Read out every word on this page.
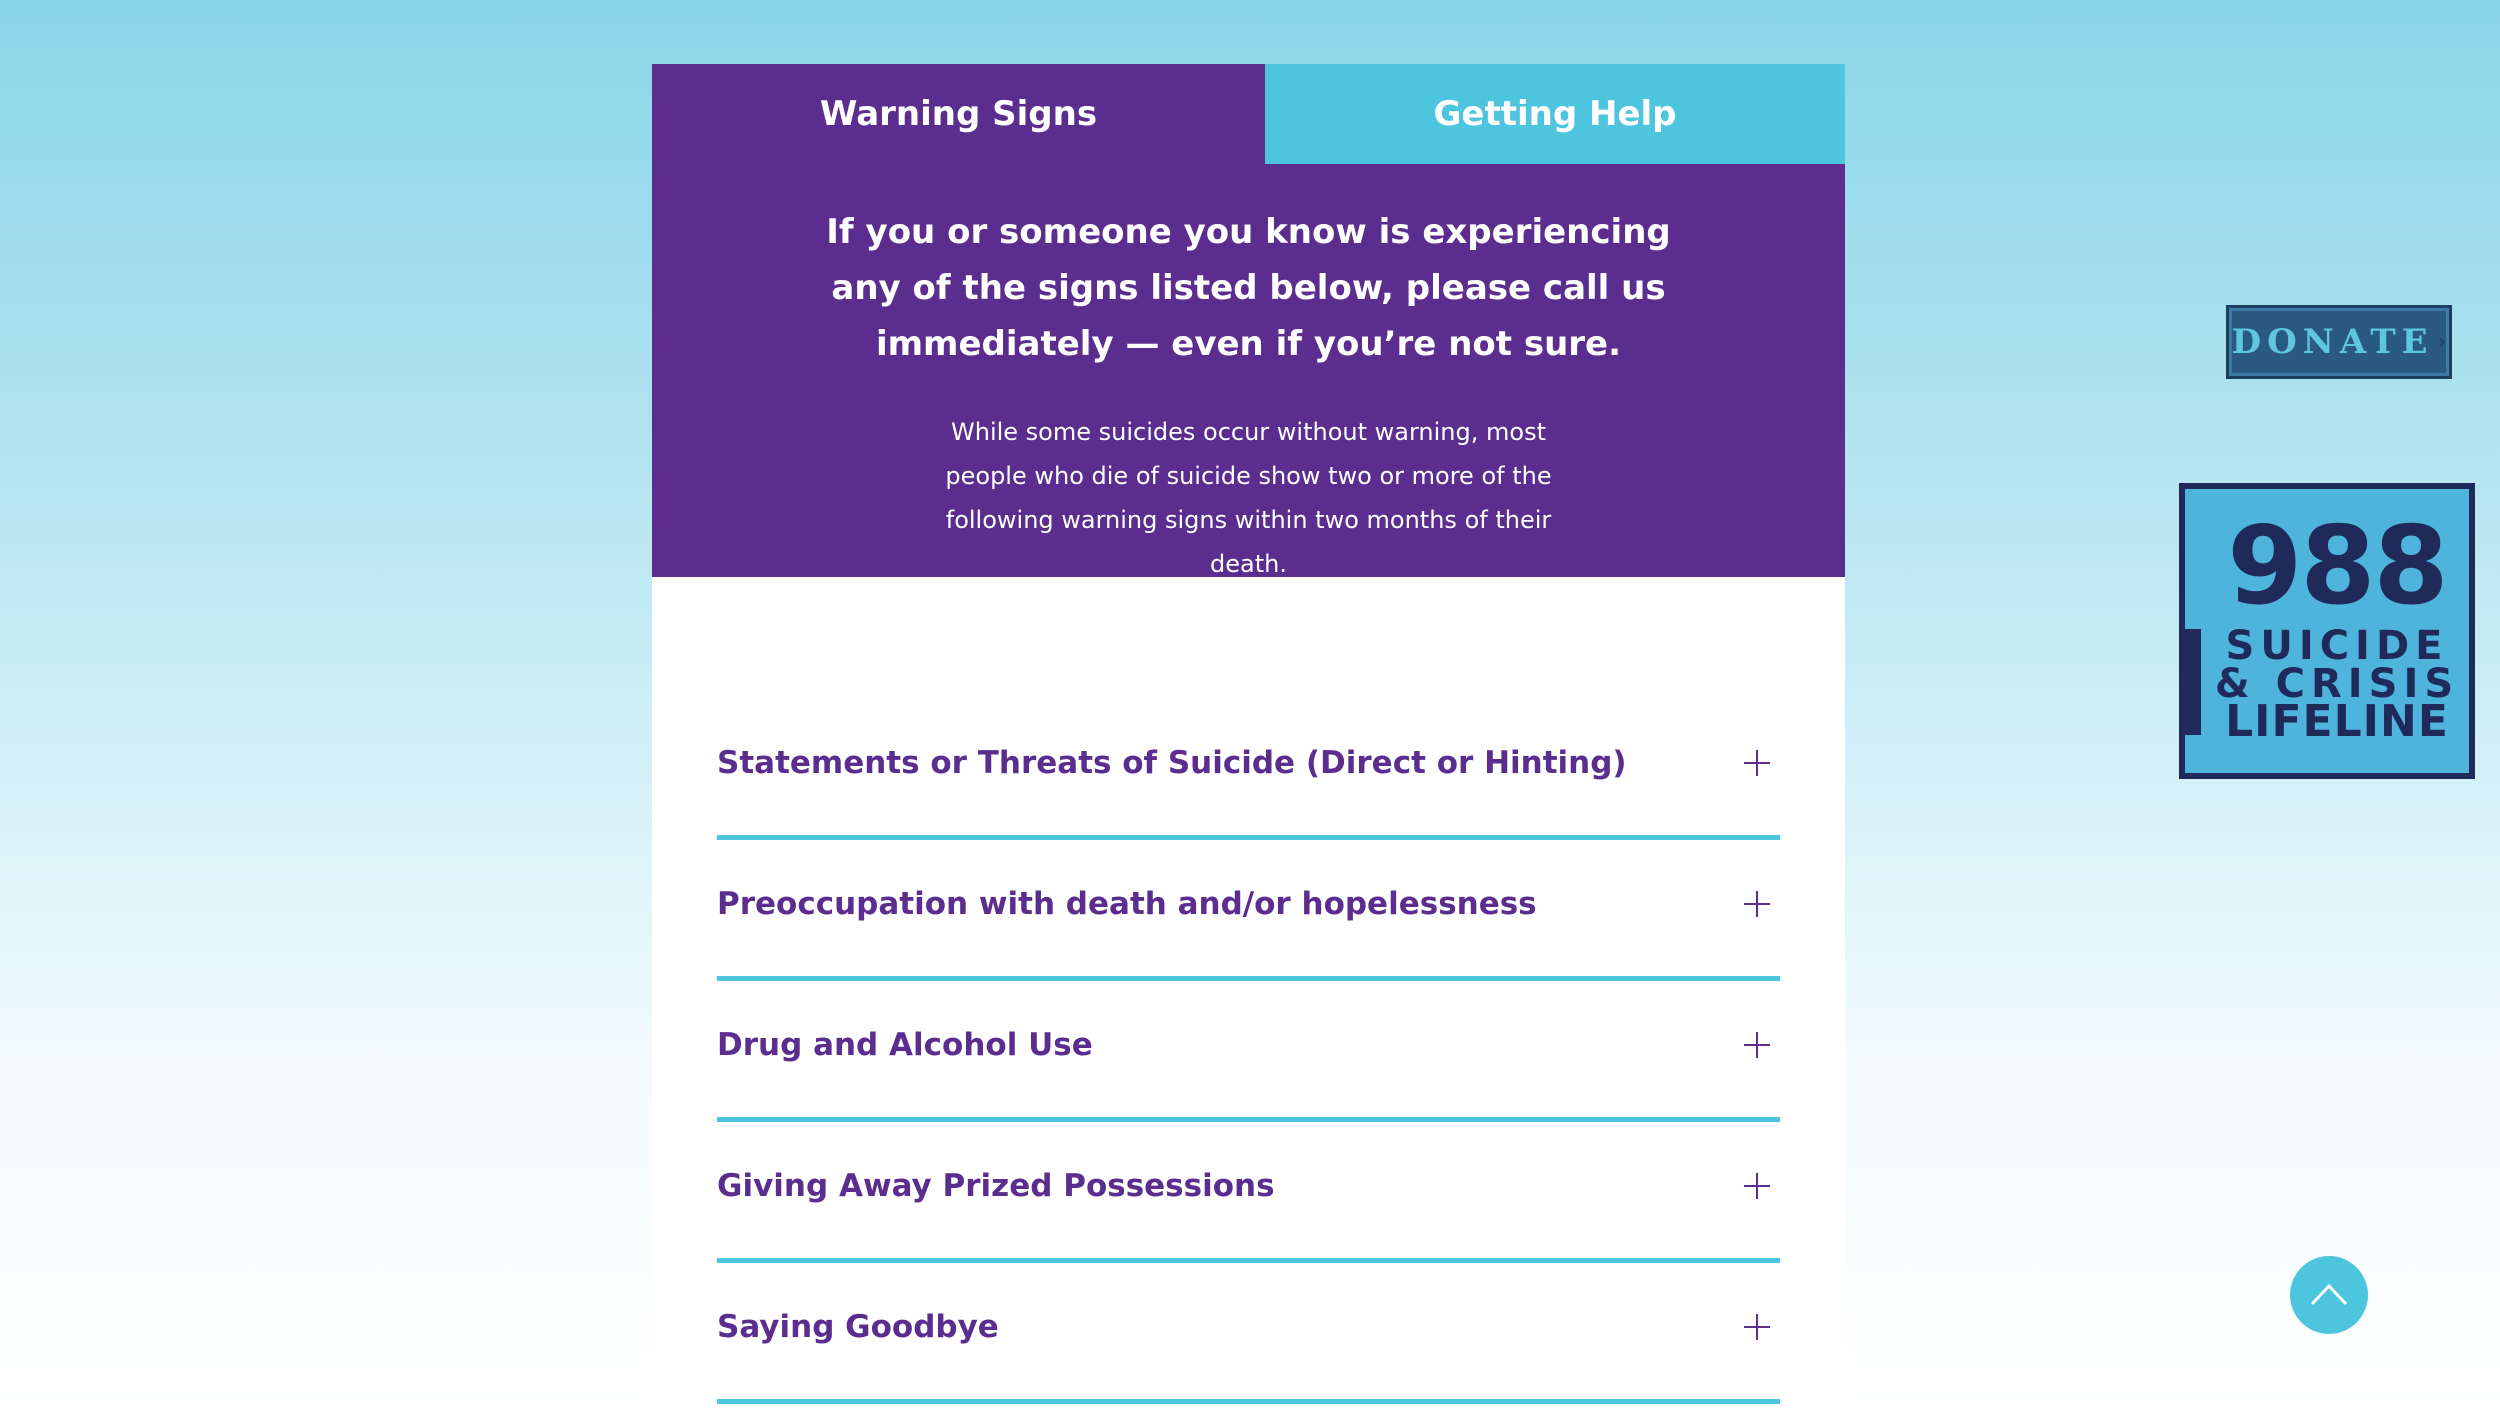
Warning Signs	Getting Help
If you or someone you know is experiencing any of the signs listed below, please call us immediately — even if you’re not sure.
While some suicides occur without warning, most people who die of suicide show two or more of the following warning signs within two months of their death.
Statements or Threats of Suicide (Direct or Hinting)
Preoccupation with death and/or hopelessness
Drug and Alcohol Use
Giving Away Prized Possessions
Saying Goodbye
DONATE ›
988
SUICIDE
& CRISIS
LIFELINE
